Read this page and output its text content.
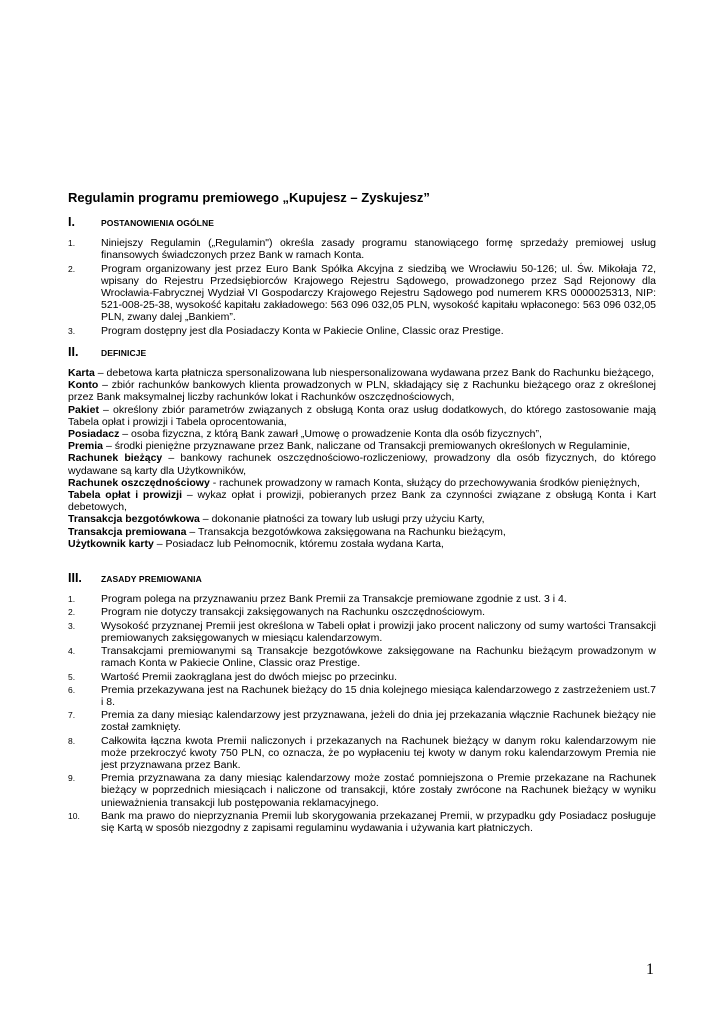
Regulamin programu premiowego „Kupujesz – Zyskujesz”
I.	POSTANOWIENIA OGÓLNE
1.	Niniejszy Regulamin („Regulamin") określa zasady programu stanowiącego formę sprzedaży premiowej usług finansowych świadczonych przez Bank w ramach Konta.
2.	Program organizowany jest przez Euro Bank Spółka Akcyjna z siedzibą we Wrocławiu 50-126; ul. Św. Mikołaja 72, wpisany do Rejestru Przedsiębiorców Krajowego Rejestru Sądowego, prowadzonego przez Sąd Rejonowy dla Wrocławia-Fabrycznej Wydział VI Gospodarczy Krajowego Rejestru Sądowego pod numerem KRS 0000025313, NIP: 521-008-25-38, wysokość kapitału zakładowego: 563 096 032,05 PLN, wysokość kapitału wpłaconego: 563 096 032,05 PLN, zwany dalej „Bankiem”.
3.	Program dostępny jest dla Posiadaczy Konta w Pakiecie Online, Classic oraz Prestige.
II.	DEFINICJE

Karta – debetowa karta płatnicza spersonalizowana lub niespersonalizowana wydawana przez Bank do Rachunku bieżącego,

Konto – zbiór rachunków bankowych klienta prowadzonych w PLN, składający się z Rachunku bieżącego oraz z określonej przez Bank maksymalnej liczby rachunków lokat i Rachunków oszczędnościowych,

Pakiet – określony zbiór parametrów związanych z obsługą Konta oraz usług dodatkowych, do którego zastosowanie mają Tabela opłat i prowizji i Tabela oprocentowania,

Posiadacz – osoba fizyczna, z którą Bank zawarł „Umowę o prowadzenie Konta dla osób fizycznych”,

Premia – środki pieniężne przyznawane przez Bank, naliczane od Transakcji premiowanych określonych w Regulaminie,

Rachunek bieżący – bankowy rachunek oszczędnościowo-rozliczeniowy, prowadzony dla osób fizycznych, do którego wydawane są karty dla Użytkowników,

Rachunek oszczędnościowy - rachunek prowadzony w ramach Konta, służący do przechowywania środków pieniężnych,

Tabela opłat i prowizji – wykaz opłat i prowizji, pobieranych przez Bank za czynności związane z obsługą Konta i Kart debetowych,

Transakcja bezgotówkowa – dokonanie płatności za towary lub usługi przy użyciu Karty,

Transakcja premiowana – Transakcja bezgotówkowa zaksięgowana na Rachunku bieżącym,

Użytkownik karty – Posiadacz lub Pełnomocnik, któremu została wydana Karta,

III.	ZASADY PREMIOWANIA
1.	Program polega na przyznawaniu przez Bank Premii za Transakcje premiowane zgodnie z ust. 3 i 4.
2.	Program nie dotyczy transakcji zaksięgowanych na Rachunku oszczędnościowym.
3.	Wysokość przyznanej Premii jest określona w Tabeli opłat i prowizji jako procent naliczony od sumy wartości Transakcji premiowanych zaksięgowanych w miesiącu kalendarzowym.
4.	Transakcjami premiowanymi są Transakcje bezgotówkowe zaksięgowane na Rachunku bieżącym prowadzonym w ramach Konta w Pakiecie Online, Classic oraz Prestige.
5.	Wartość Premii zaokrąglana jest do dwóch miejsc po przecinku.
6.	Premia przekazywana jest na Rachunek bieżący do 15 dnia kolejnego miesiąca kalendarzowego z zastrzeżeniem ust.7 i 8.
7.	Premia za dany miesiąc kalendarzowy jest przyznawana, jeżeli do dnia jej przekazania włącznie Rachunek bieżący nie został zamknięty.
8.	Całkowita łączna kwota Premii naliczonych i przekazanych na Rachunek bieżący w danym roku kalendarzowym nie może przekroczyć kwoty 750 PLN, co oznacza, że po wypłaceniu tej kwoty w danym roku kalendarzowym Premia nie jest przyznawana przez Bank.
9.	Premia przyznawana za dany miesiąc kalendarzowy może zostać pomniejszona o Premie przekazane na Rachunek bieżący w poprzednich miesiącach i naliczone od transakcji, które zostały zwrócone na Rachunek bieżący w wyniku unieważnienia transakcji lub postępowania reklamacyjnego.
10.	Bank ma prawo do nieprzyznania Premii lub skorygowania przekazanej Premii, w przypadku gdy Posiadacz posługuje się Kartą w sposób niezgodny z zapisami regulaminu wydawania i używania kart płatniczych.
1
